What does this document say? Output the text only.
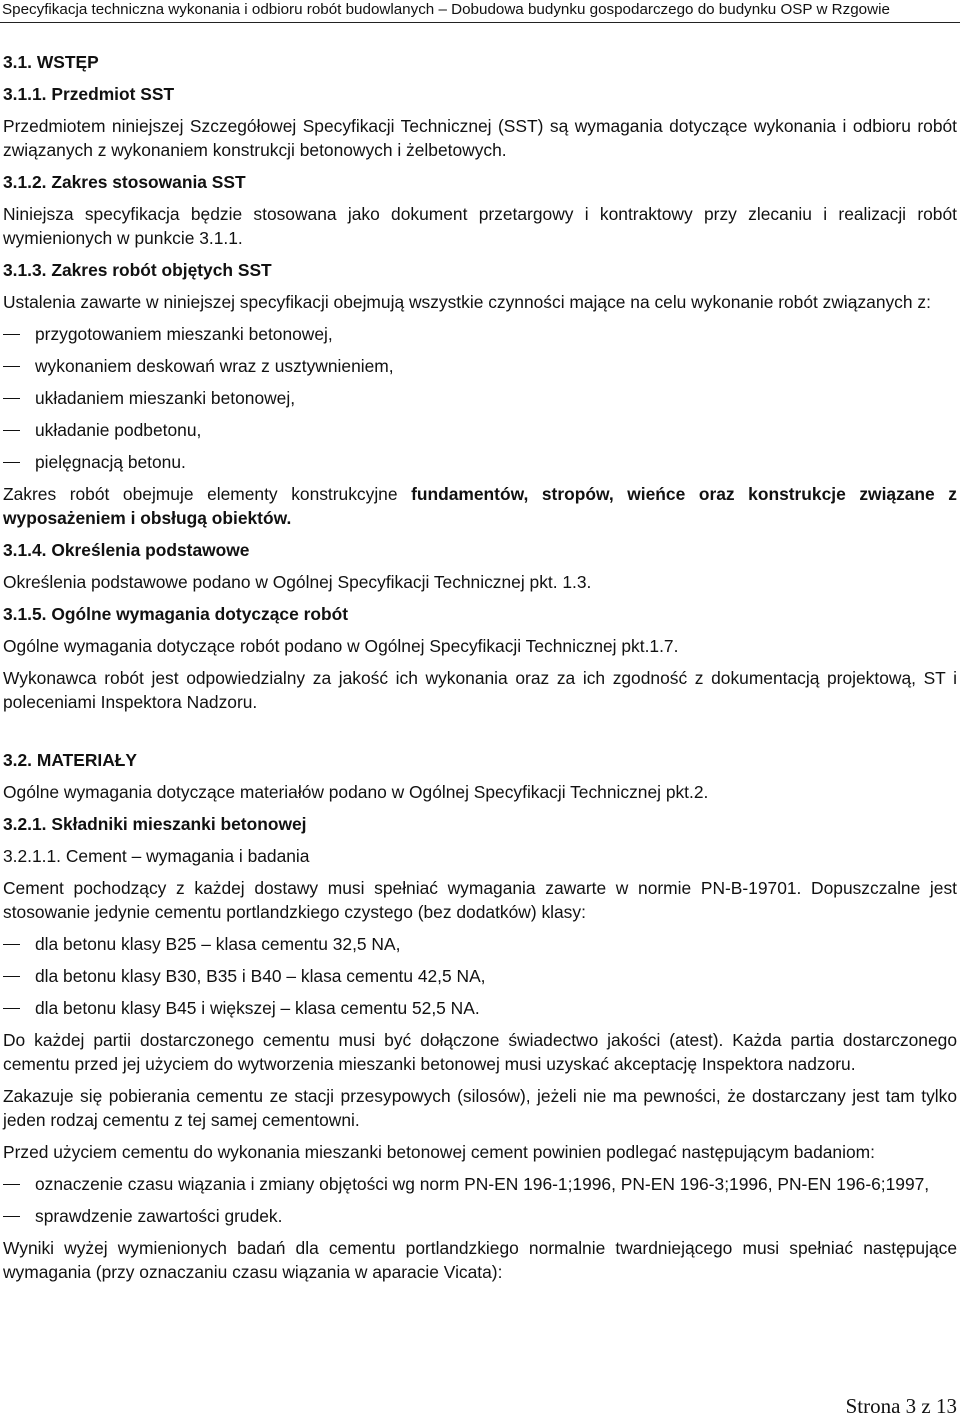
Specyfikacja techniczna wykonania i odbioru robót budowlanych – Dobudowa budynku gospodarczego do budynku OSP w Rzgowie
3.1. WSTĘP
3.1.1. Przedmiot SST
Przedmiotem niniejszej Szczegółowej Specyfikacji Technicznej (SST) są wymagania dotyczące wykonania i odbioru robót związanych z wykonaniem konstrukcji betonowych i żelbetowych.
3.1.2. Zakres stosowania SST
Niniejsza specyfikacja będzie stosowana jako dokument przetargowy i kontraktowy przy zlecaniu i realizacji robót wymienionych w punkcie 3.1.1.
3.1.3. Zakres robót objętych SST
Ustalenia zawarte w niniejszej specyfikacji obejmują wszystkie czynności mające na celu wykonanie robót związanych z:
przygotowaniem mieszanki betonowej,
wykonaniem deskowań wraz z usztywnieniem,
układaniem mieszanki betonowej,
układanie podbetonu,
pielęgnacją betonu.
Zakres robót obejmuje elementy konstrukcyjne fundamentów, stropów, wieńce oraz konstrukcje związane z wyposażeniem i obsługą obiektów.
3.1.4. Określenia podstawowe
Określenia podstawowe podano w Ogólnej Specyfikacji Technicznej pkt. 1.3.
3.1.5. Ogólne wymagania dotyczące robót
Ogólne wymagania dotyczące robót podano w Ogólnej Specyfikacji Technicznej pkt.1.7.
Wykonawca robót jest odpowiedzialny za jakość ich wykonania oraz za ich zgodność z dokumentacją projektową, ST i poleceniami Inspektora Nadzoru.
3.2. MATERIAŁY
Ogólne wymagania dotyczące materiałów podano w Ogólnej Specyfikacji Technicznej pkt.2.
3.2.1. Składniki mieszanki betonowej
3.2.1.1. Cement – wymagania i badania
Cement pochodzący z każdej dostawy musi spełniać wymagania zawarte w normie PN-B-19701. Dopuszczalne jest stosowanie jedynie cementu portlandzkiego czystego (bez dodatków) klasy:
dla betonu klasy B25 – klasa cementu 32,5 NA,
dla betonu klasy B30, B35 i B40 – klasa cementu 42,5 NA,
dla betonu klasy B45 i większej – klasa cementu 52,5 NA.
Do każdej partii dostarczonego cementu musi być dołączone świadectwo jakości (atest). Każda partia dostarczonego cementu przed jej użyciem do wytworzenia mieszanki betonowej musi uzyskać akceptację Inspektora nadzoru.
Zakazuje się pobierania cementu ze stacji przesypowych (silosów), jeżeli nie ma pewności, że dostarczany jest tam tylko jeden rodzaj cementu z tej samej cementowni.
Przed użyciem cementu do wykonania mieszanki betonowej cement powinien podlegać następującym badaniom:
oznaczenie czasu wiązania i zmiany objętości wg norm PN-EN 196-1;1996, PN-EN 196-3;1996, PN-EN 196-6;1997,
sprawdzenie zawartości grudek.
Wyniki wyżej wymienionych badań dla cementu portlandzkiego normalnie twardniejącego musi spełniać następujące wymagania (przy oznaczaniu czasu wiązania w aparacie Vicata):
Strona 3 z 13
